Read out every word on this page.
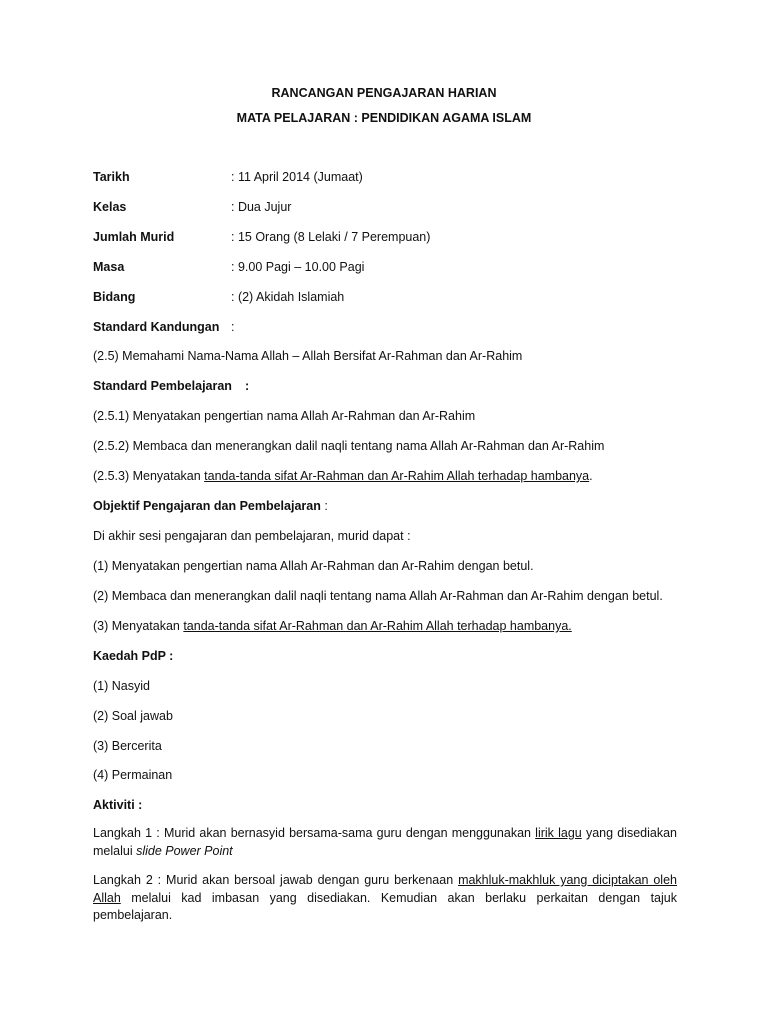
RANCANGAN PENGAJARAN HARIAN
MATA PELAJARAN : PENDIDIKAN AGAMA ISLAM
Tarikh	: 11 April 2014 (Jumaat)
Kelas	: Dua Jujur
Jumlah Murid	: 15 Orang (8 Lelaki / 7 Perempuan)
Masa	: 9.00 Pagi – 10.00 Pagi
Bidang	: (2) Akidah Islamiah
Standard Kandungan :
(2.5) Memahami Nama-Nama Allah – Allah Bersifat Ar-Rahman dan Ar-Rahim
Standard Pembelajaran :
(2.5.1) Menyatakan pengertian nama Allah Ar-Rahman dan Ar-Rahim
(2.5.2) Membaca dan menerangkan dalil naqli tentang nama Allah Ar-Rahman dan Ar-Rahim
(2.5.3) Menyatakan tanda-tanda sifat Ar-Rahman dan Ar-Rahim Allah terhadap hambanya.
Objektif Pengajaran dan Pembelajaran :
Di akhir sesi pengajaran dan pembelajaran, murid dapat :
(1) Menyatakan pengertian nama Allah Ar-Rahman dan Ar-Rahim dengan betul.
(2) Membaca dan menerangkan dalil naqli tentang nama Allah Ar-Rahman dan Ar-Rahim dengan betul.
(3) Menyatakan tanda-tanda sifat Ar-Rahman dan Ar-Rahim Allah terhadap hambanya.
Kaedah PdP :
(1) Nasyid
(2) Soal jawab
(3) Bercerita
(4) Permainan
Aktiviti :
Langkah 1 : Murid akan bernasyid bersama-sama guru dengan menggunakan lirik lagu yang disediakan melalui slide Power Point
Langkah 2 : Murid akan bersoal jawab dengan guru berkenaan makhluk-makhluk yang diciptakan oleh Allah melalui kad imbasan yang disediakan. Kemudian akan berlaku perkaitan dengan tajuk pembelajaran.
